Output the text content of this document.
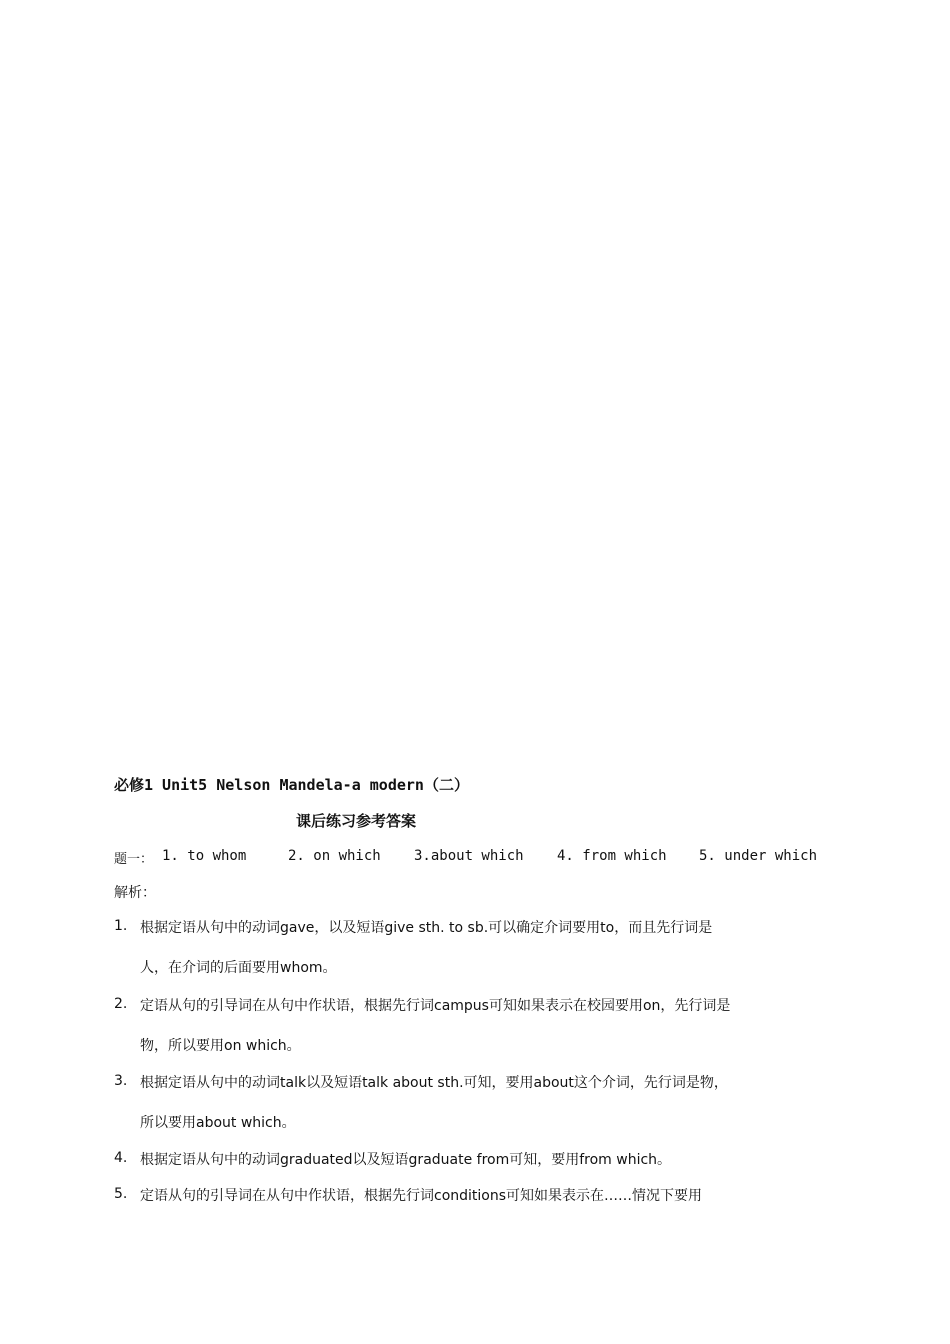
必修1 Unit5 Nelson Mandela-a modern（二）
课后练习参考答案
题一： 1. to whom	2. on which 3.about which 4. from which 5. under which
解析：
1. 根据定语从句中的动词gave，以及短语give sth. to sb.可以确定介词要用to，而且先行词是
人，在介词的后面要用whom。
2. 定语从句的引导词在从句中作状语，根据先行词campus可知如果表示在校园要用on，先行词是
物，所以要用on which。
3. 根据定语从句中的动词talk以及短语talk about sth.可知，要用about这个介词，先行词是物，
所以要用about which。
4. 根据定语从句中的动词graduated以及短语graduate from可知，要用from which。
5. 定语从句的引导词在从句中作状语，根据先行词conditions可知如果表示在……情况下要用
